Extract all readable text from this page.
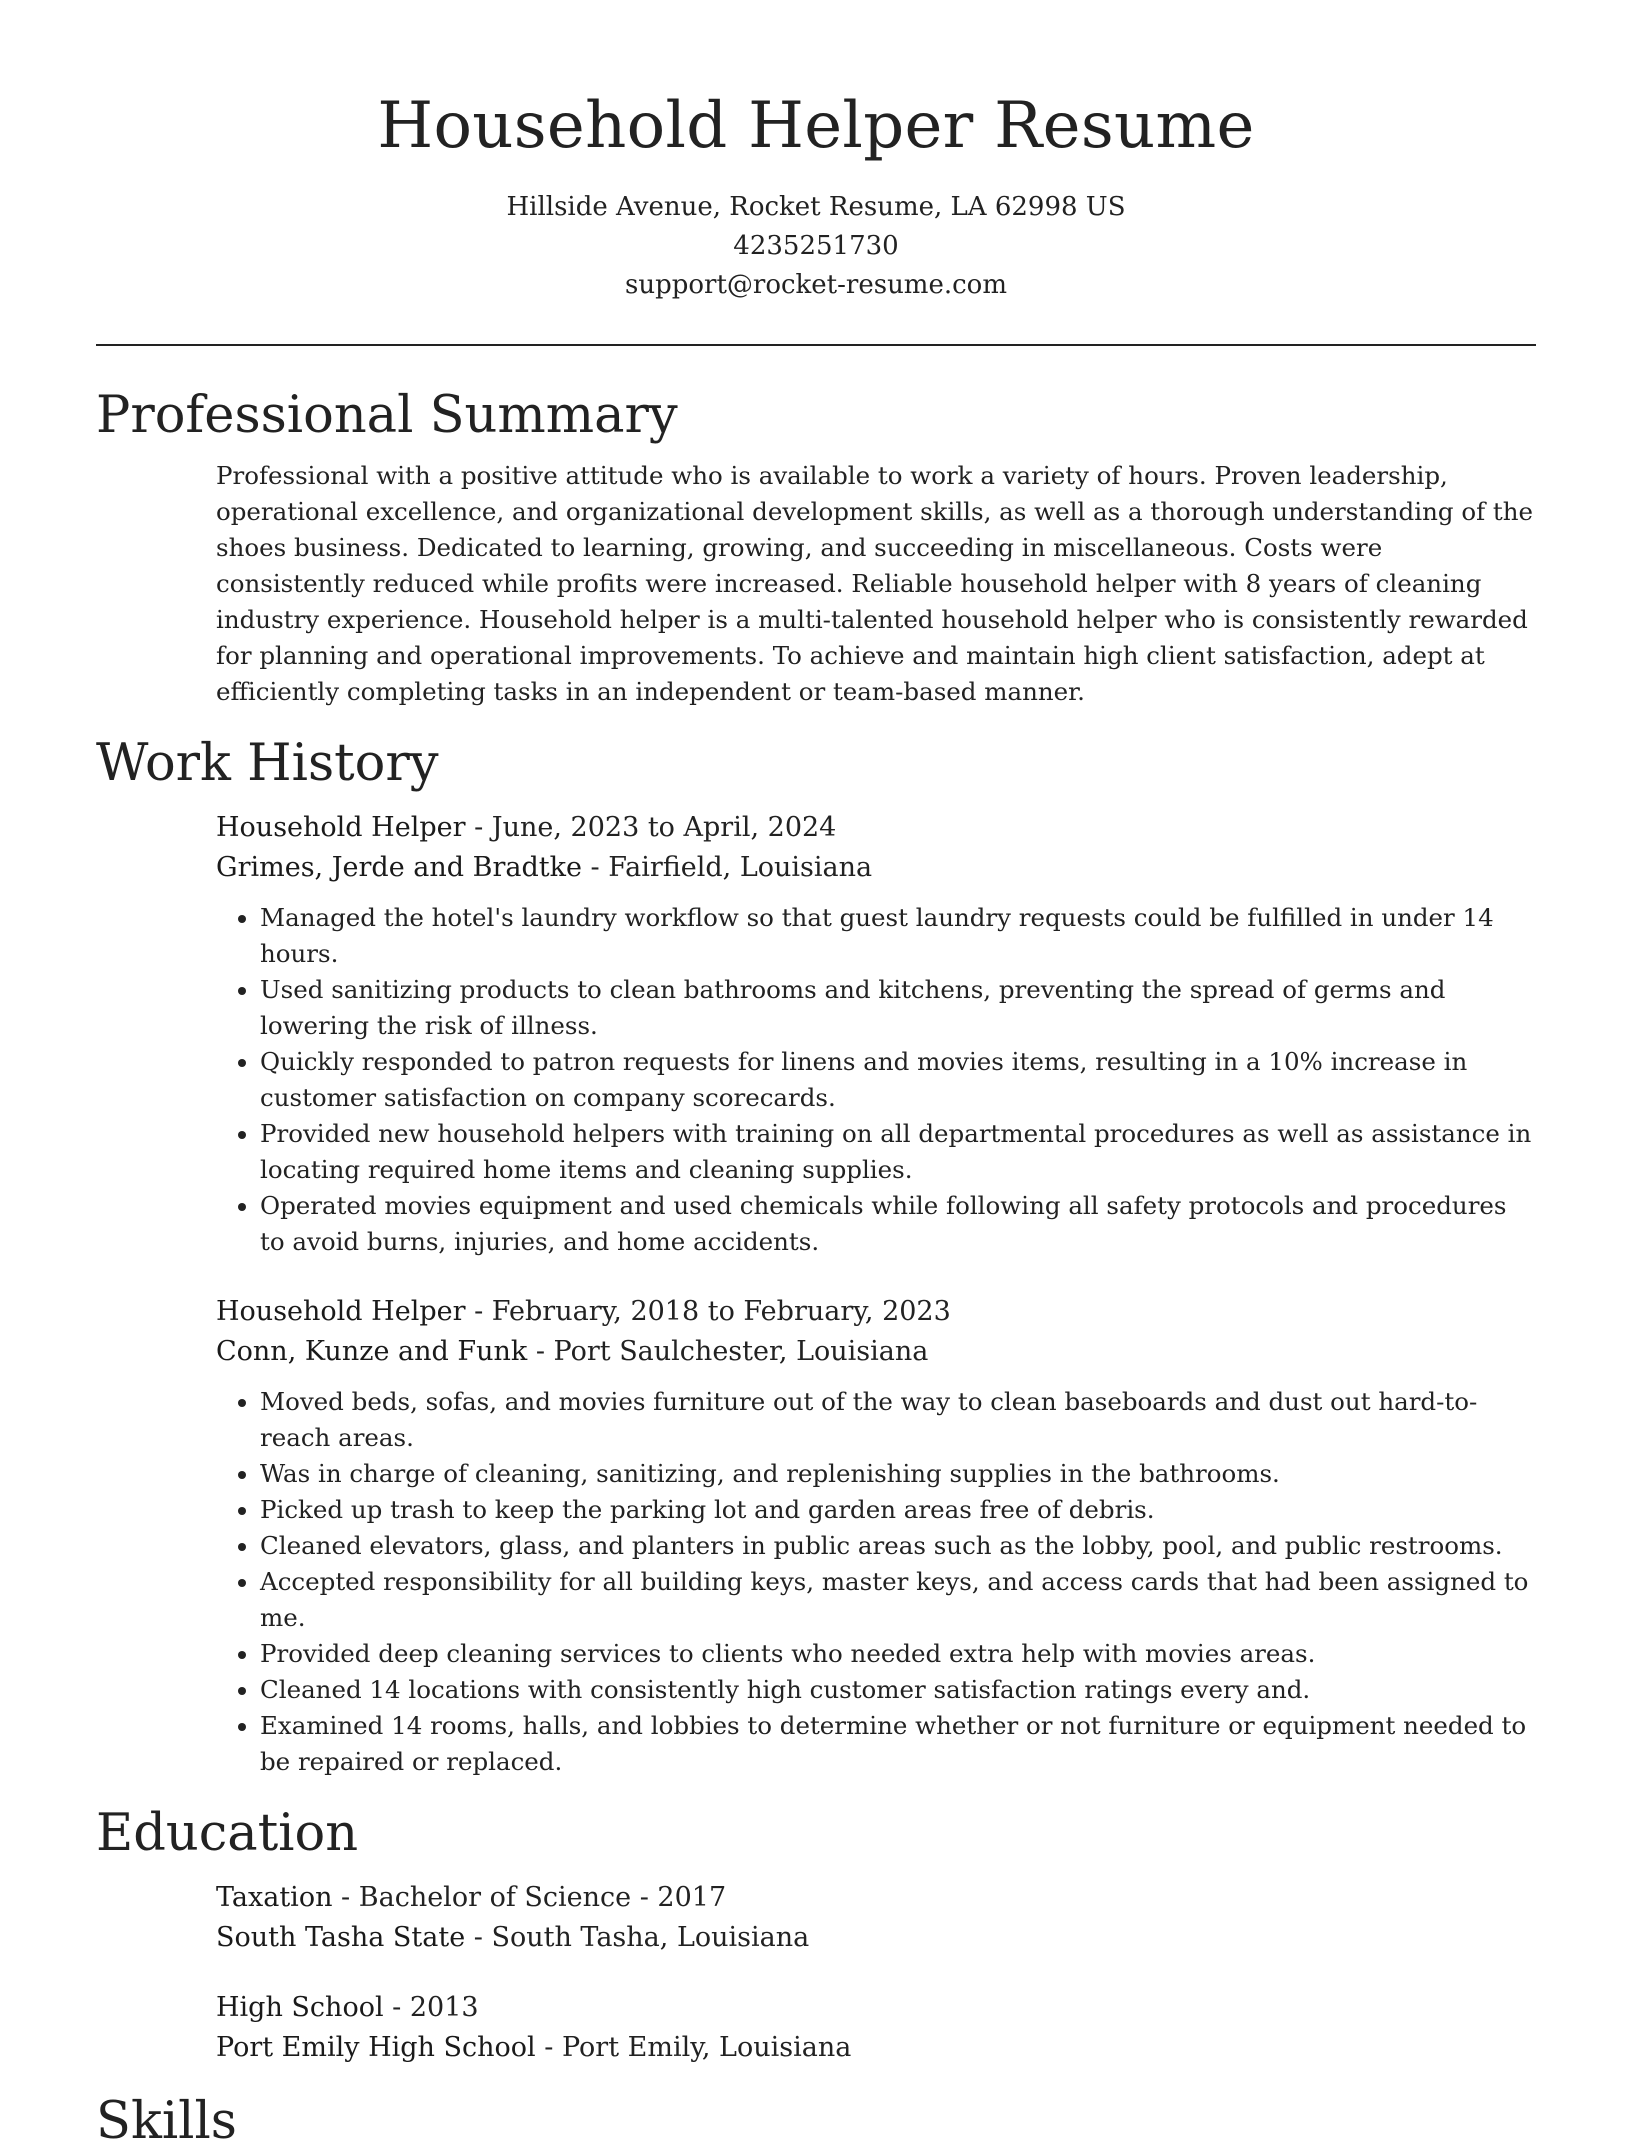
Household Helper Resume
Hillside Avenue, Rocket Resume, LA 62998 US
4235251730
support@rocket-resume.com
Professional Summary
Professional with a positive attitude who is available to work a variety of hours. Proven leadership, operational excellence, and organizational development skills, as well as a thorough understanding of the shoes business. Dedicated to learning, growing, and succeeding in miscellaneous. Costs were consistently reduced while profits were increased. Reliable household helper with 8 years of cleaning industry experience. Household helper is a multi-talented household helper who is consistently rewarded for planning and operational improvements. To achieve and maintain high client satisfaction, adept at efficiently completing tasks in an independent or team-based manner.
Work History
Household Helper - June, 2023 to April, 2024
Grimes, Jerde and Bradtke - Fairfield, Louisiana
• Managed the hotel's laundry workflow so that guest laundry requests could be fulfilled in under 14 hours.
• Used sanitizing products to clean bathrooms and kitchens, preventing the spread of germs and lowering the risk of illness.
• Quickly responded to patron requests for linens and movies items, resulting in a 10% increase in customer satisfaction on company scorecards.
• Provided new household helpers with training on all departmental procedures as well as assistance in locating required home items and cleaning supplies.
• Operated movies equipment and used chemicals while following all safety protocols and procedures to avoid burns, injuries, and home accidents.
Household Helper - February, 2018 to February, 2023
Conn, Kunze and Funk - Port Saulchester, Louisiana
• Moved beds, sofas, and movies furniture out of the way to clean baseboards and dust out hard-to-reach areas.
• Was in charge of cleaning, sanitizing, and replenishing supplies in the bathrooms.
• Picked up trash to keep the parking lot and garden areas free of debris.
• Cleaned elevators, glass, and planters in public areas such as the lobby, pool, and public restrooms.
• Accepted responsibility for all building keys, master keys, and access cards that had been assigned to me.
• Provided deep cleaning services to clients who needed extra help with movies areas.
• Cleaned 14 locations with consistently high customer satisfaction ratings every and.
• Examined 14 rooms, halls, and lobbies to determine whether or not furniture or equipment needed to be repaired or replaced.
Education
Taxation - Bachelor of Science - 2017
South Tasha State - South Tasha, Louisiana
High School - 2013
Port Emily High School - Port Emily, Louisiana
Skills
